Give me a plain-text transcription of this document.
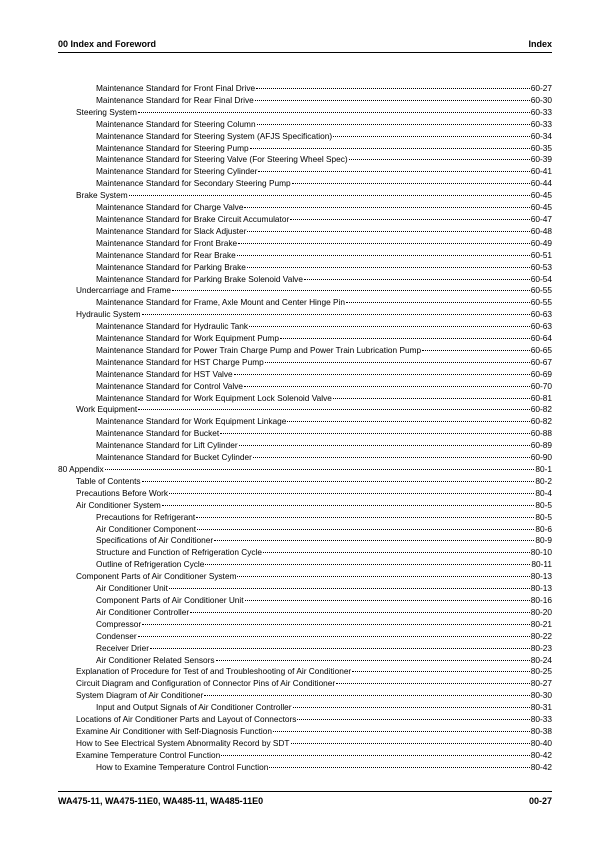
00 Index and Foreword	Index
Maintenance Standard for Front Final Drive	60-27
Maintenance Standard for Rear Final Drive	60-30
Steering System	60-33
Maintenance Standard for Steering Column	60-33
Maintenance Standard for Steering System (AFJS Specification)	60-34
Maintenance Standard for Steering Pump	60-35
Maintenance Standard for Steering Valve (For Steering Wheel Spec)	60-39
Maintenance Standard for Steering Cylinder	60-41
Maintenance Standard for Secondary Steering Pump	60-44
Brake System	60-45
Maintenance Standard for Charge Valve	60-45
Maintenance Standard for Brake Circuit Accumulator	60-47
Maintenance Standard for Slack Adjuster	60-48
Maintenance Standard for Front Brake	60-49
Maintenance Standard for Rear Brake	60-51
Maintenance Standard for Parking Brake	60-53
Maintenance Standard for Parking Brake Solenoid Valve	60-54
Undercarriage and Frame	60-55
Maintenance Standard for Frame, Axle Mount and Center Hinge Pin	60-55
Hydraulic System	60-63
Maintenance Standard for Hydraulic Tank	60-63
Maintenance Standard for Work Equipment Pump	60-64
Maintenance Standard for Power Train Charge Pump and Power Train Lubrication Pump	60-65
Maintenance Standard for HST Charge Pump	60-67
Maintenance Standard for HST Valve	60-69
Maintenance Standard for Control Valve	60-70
Maintenance Standard for Work Equipment Lock Solenoid Valve	60-81
Work Equipment	60-82
Maintenance Standard for Work Equipment Linkage	60-82
Maintenance Standard for Bucket	60-88
Maintenance Standard for Lift Cylinder	60-89
Maintenance Standard for Bucket Cylinder	60-90
80 Appendix	80-1
Table of Contents	80-2
Precautions Before Work	80-4
Air Conditioner System	80-5
Precautions for Refrigerant	80-5
Air Conditioner Component	80-6
Specifications of Air Conditioner	80-9
Structure and Function of Refrigeration Cycle	80-10
Outline of Refrigeration Cycle	80-11
Component Parts of Air Conditioner System	80-13
Air Conditioner Unit	80-13
Component Parts of Air Conditioner Unit	80-16
Air Conditioner Controller	80-20
Compressor	80-21
Condenser	80-22
Receiver Drier	80-23
Air Conditioner Related Sensors	80-24
Explanation of Procedure for Test of and Troubleshooting of Air Conditioner	80-25
Circuit Diagram and Configuration of Connector Pins of Air Conditioner	80-27
System Diagram of Air Conditioner	80-30
Input and Output Signals of Air Conditioner Controller	80-31
Locations of Air Conditioner Parts and Layout of Connectors	80-33
Examine Air Conditioner with Self-Diagnosis Function	80-38
How to See Electrical System Abnormality Record by SDT	80-40
Examine Temperature Control Function	80-42
How to Examine Temperature Control Function	80-42
WA475-11, WA475-11E0, WA485-11, WA485-11E0	00-27
